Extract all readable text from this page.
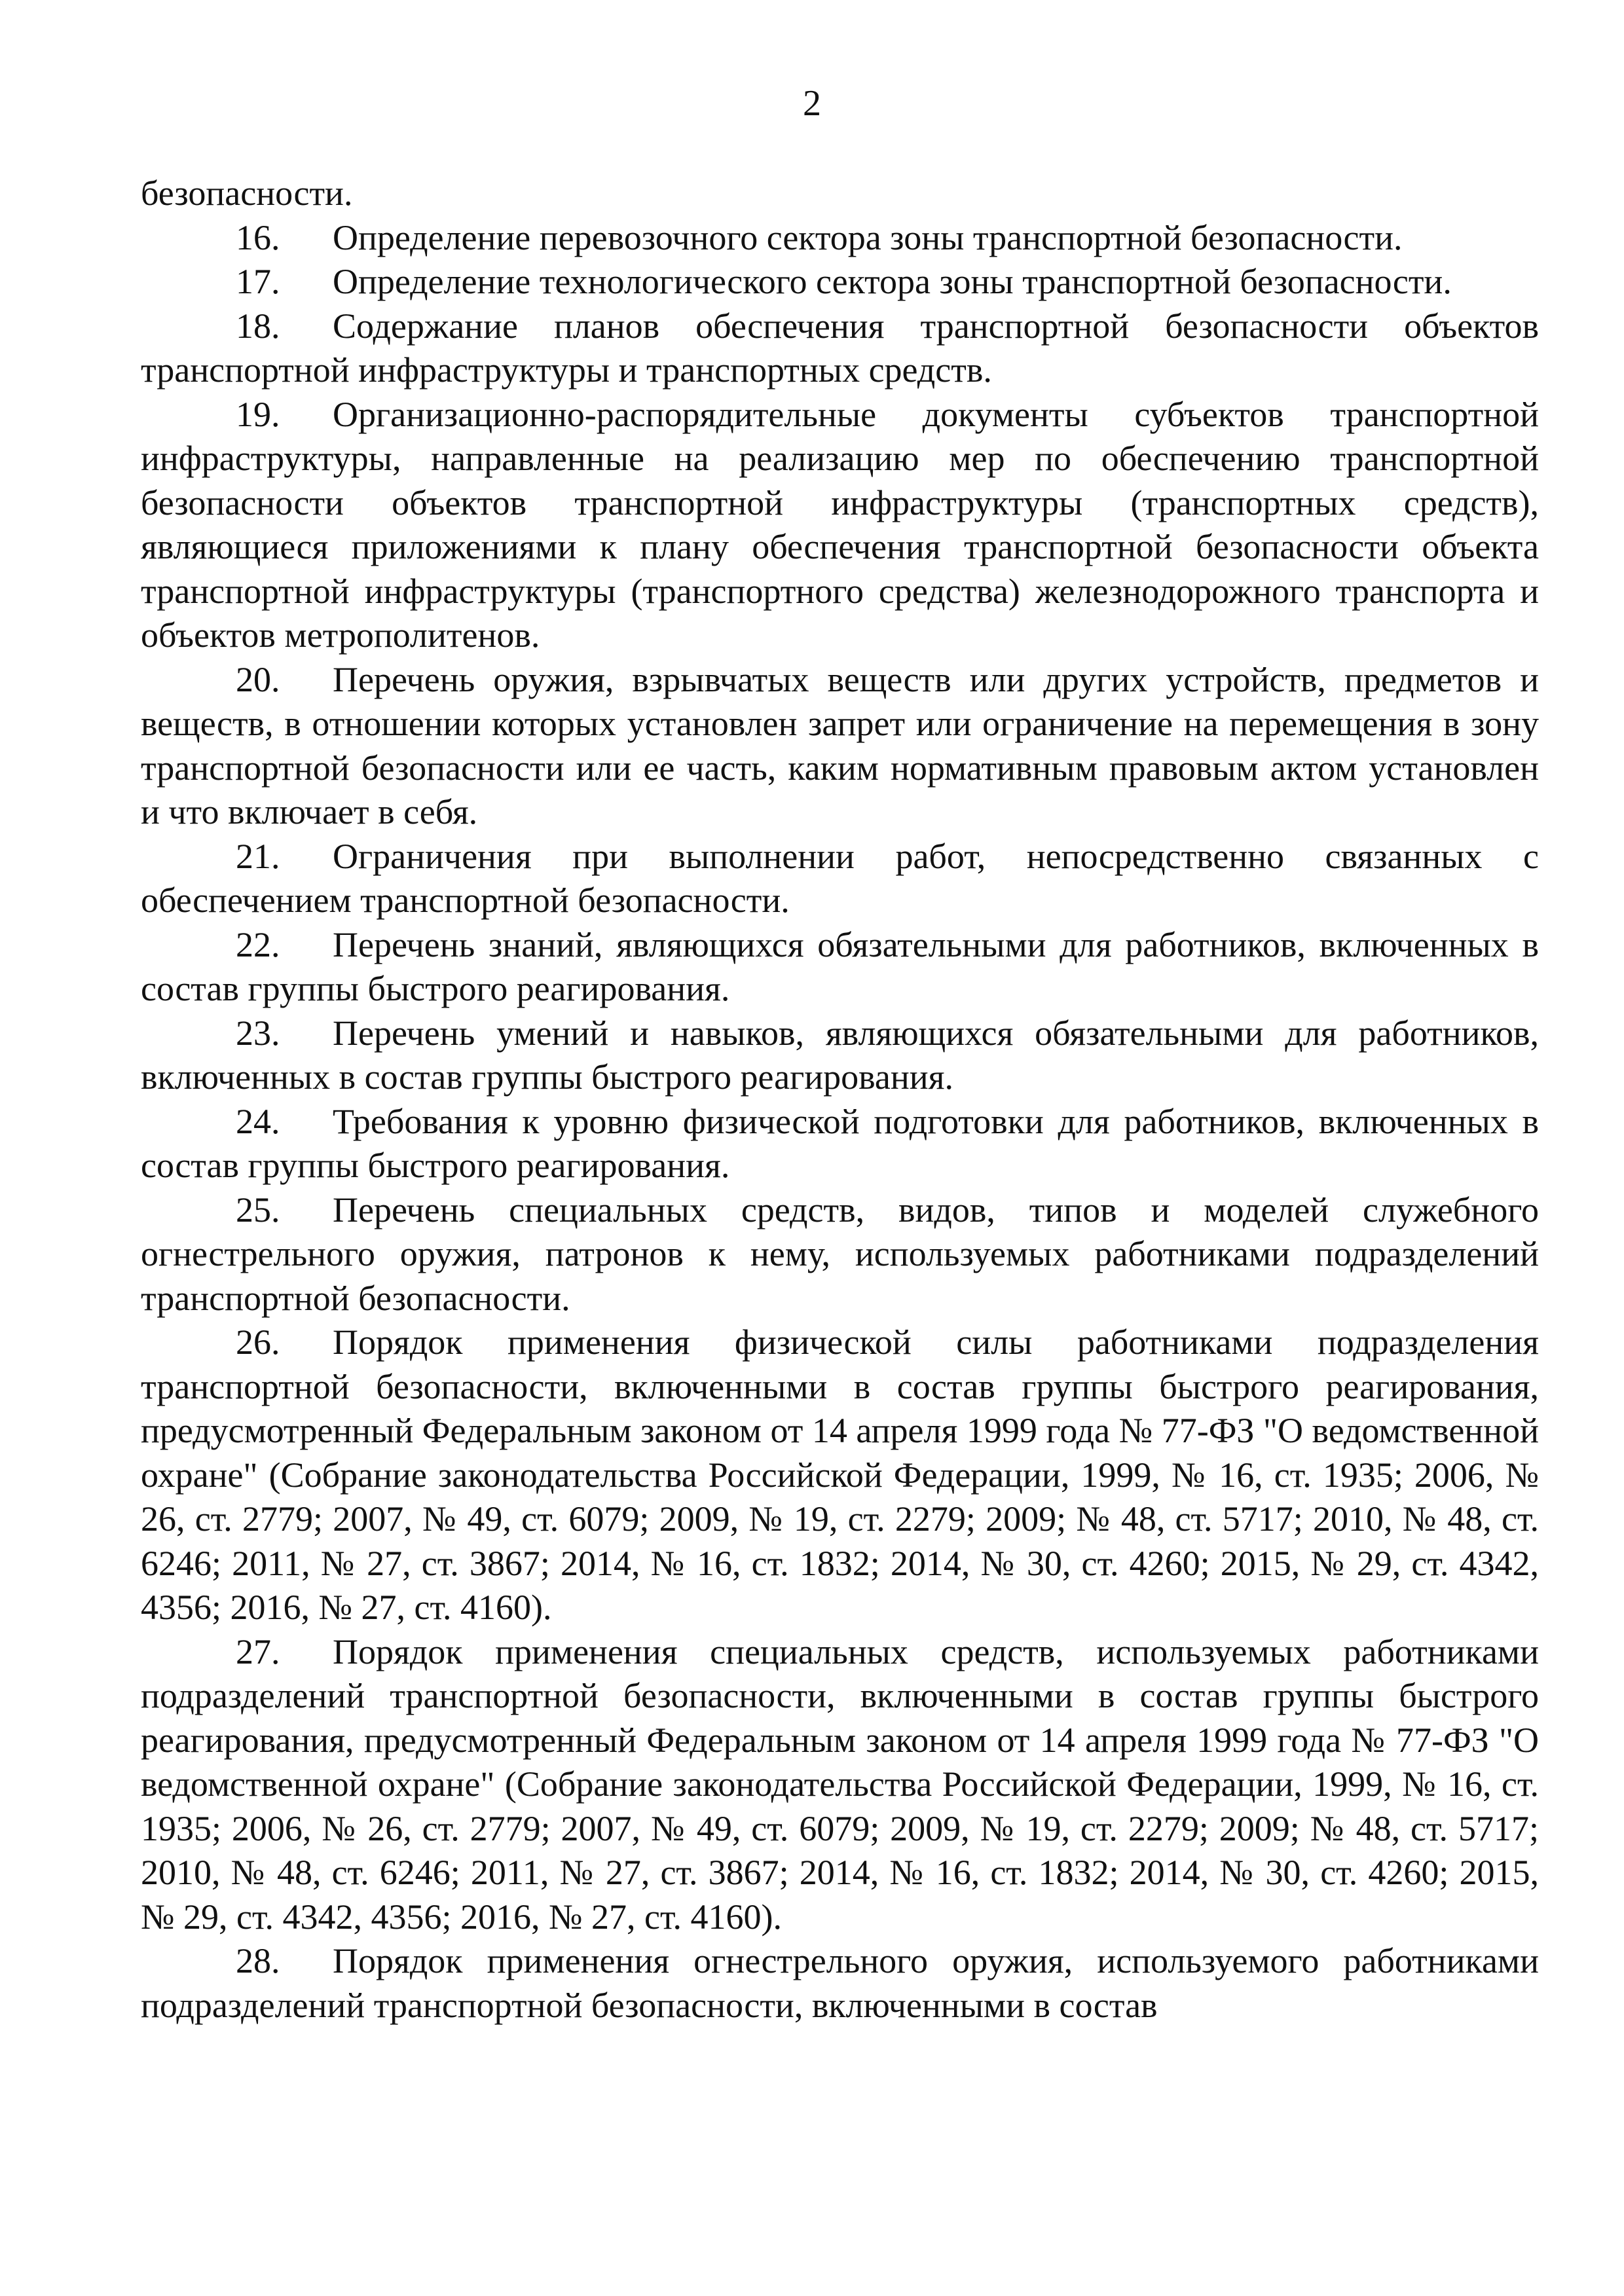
2

безопасности.

16. Определение перевозочного сектора зоны транспортной безопасности.

17. Определение технологического сектора зоны транспортной безопасности.

18. Содержание планов обеспечения транспортной безопасности объектов транспортной инфраструктуры и транспортных средств.

19. Организационно-распорядительные документы субъектов транспортной инфраструктуры, направленные на реализацию мер по обеспечению транспортной безопасности объектов транспортной инфраструктуры (транспортных средств), являющиеся приложениями к плану обеспечения транспортной безопасности объекта транспортной инфраструктуры (транспортного средства) железнодорожного транспорта и объектов метрополитенов.

20. Перечень оружия, взрывчатых веществ или других устройств, предметов и веществ, в отношении которых установлен запрет или ограничение на перемещения в зону транспортной безопасности или ее часть, каким нормативным правовым актом установлен и что включает в себя.

21. Ограничения при выполнении работ, непосредственно связанных с обеспечением транспортной безопасности.

22. Перечень знаний, являющихся обязательными для работников, включенных в состав группы быстрого реагирования.

23. Перечень умений и навыков, являющихся обязательными для работников, включенных в состав группы быстрого реагирования.

24. Требования к уровню физической подготовки для работников, включенных в состав группы быстрого реагирования.

25. Перечень специальных средств, видов, типов и моделей служебного огнестрельного оружия, патронов к нему, используемых работниками подразделений транспортной безопасности.

26. Порядок применения физической силы работниками подразделения транспортной безопасности, включенными в состав группы быстрого реагирования, предусмотренный Федеральным законом от 14 апреля 1999 года № 77-ФЗ "О ведомственной охране" (Собрание законодательства Российской Федерации, 1999, № 16, ст. 1935; 2006, № 26, ст. 2779; 2007, № 49, ст. 6079; 2009, № 19, ст. 2279; 2009; № 48, ст. 5717; 2010, № 48, ст. 6246; 2011, № 27, ст. 3867; 2014, № 16, ст. 1832; 2014, № 30, ст. 4260; 2015, № 29, ст. 4342, 4356; 2016, № 27, ст. 4160).

27. Порядок применения специальных средств, используемых работниками подразделений транспортной безопасности, включенными в состав группы быстрого реагирования, предусмотренный Федеральным законом от 14 апреля 1999 года № 77-ФЗ "О ведомственной охране" (Собрание законодательства Российской Федерации, 1999, № 16, ст. 1935; 2006, № 26, ст. 2779; 2007, № 49, ст. 6079; 2009, № 19, ст. 2279; 2009; № 48, ст. 5717; 2010, № 48, ст. 6246; 2011, № 27, ст. 3867; 2014, № 16, ст. 1832; 2014, № 30, ст. 4260; 2015, № 29, ст. 4342, 4356; 2016, № 27, ст. 4160).

28. Порядок применения огнестрельного оружия, используемого работниками подразделений транспортной безопасности, включенными в состав
